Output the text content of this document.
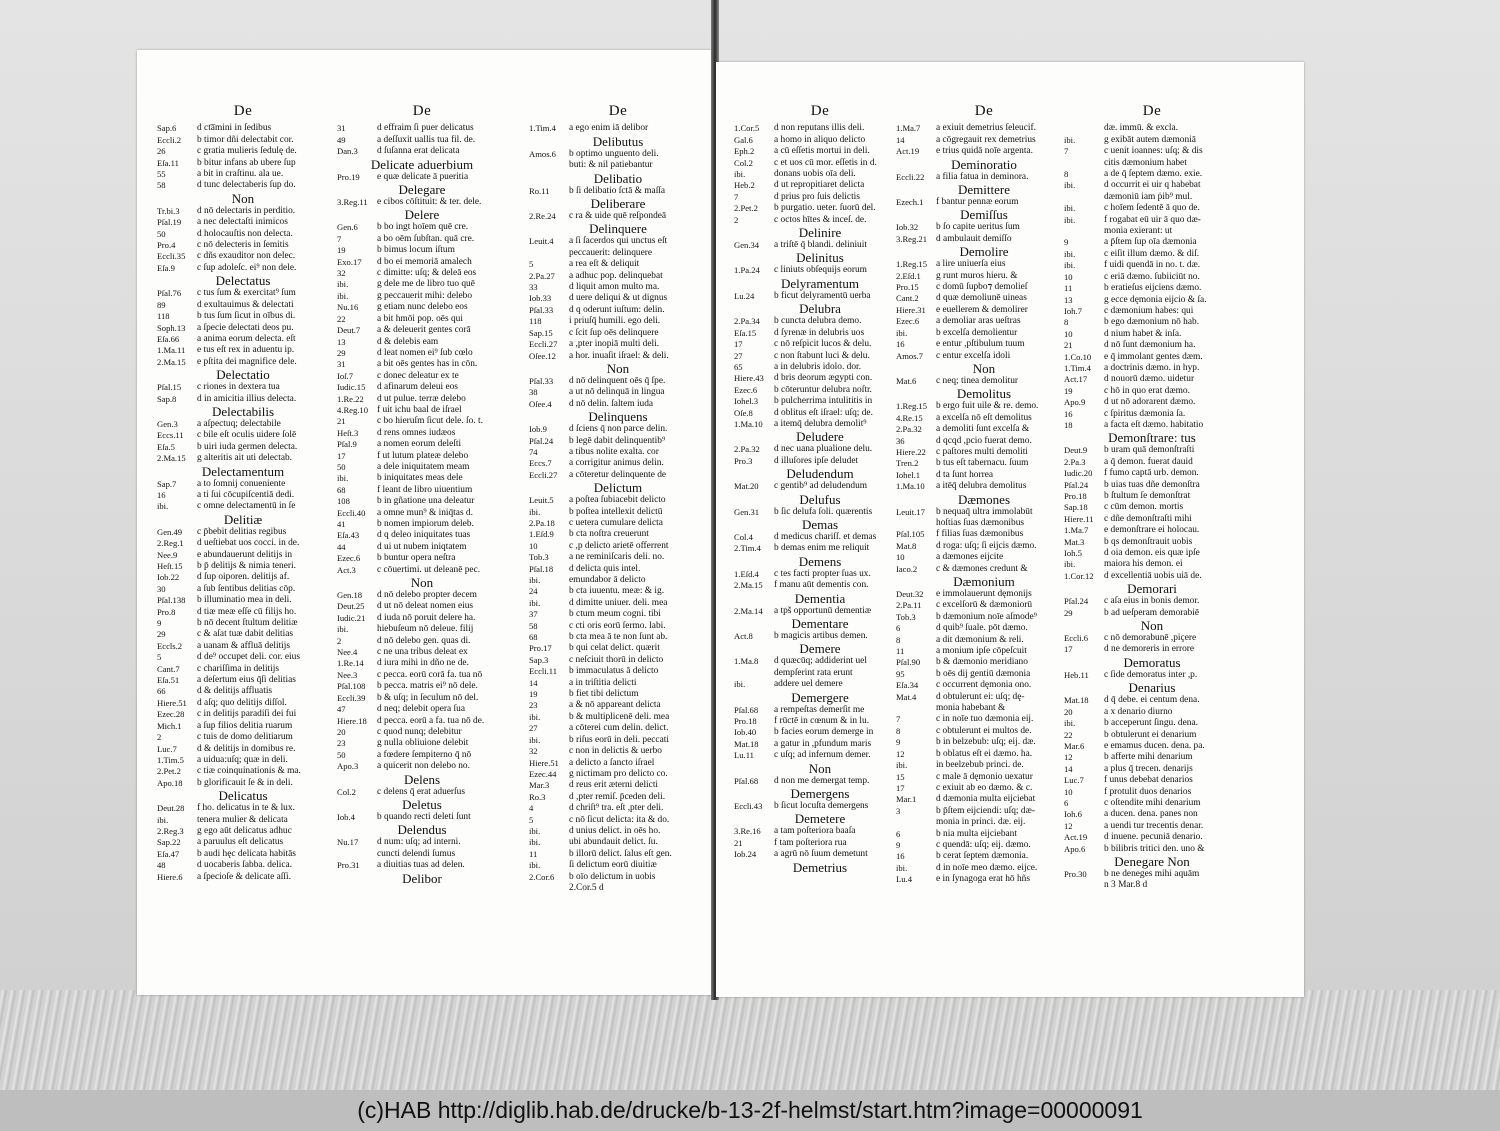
De
Sap.6	d cta̅mini in ſedibus
Eccli.2	b timor dñi delectabit cor.
26	c gratia mulieris ſedulę de.
Eſa.11	b bitur infans ab ubere ſup
55	a bit in craſtinu. ala ue.
58	d tunc delectaberis ſup do.
Non
Tr.bi.3	d nō delectaris in perditio.
Pſal.19	a nec delectaſti inimicos
50	d holocauſtis non delecta.
Pro.4	c nō delecteris in ſemitis
Eccli.35	c dñs exauditor non delec.
Eſa.9	c ſup adoleſc. ei⁹ non dele.
Delectatus
Pſal.76	c tus ſum & exercitat⁹ ſum
89	d exultauimus & delectati
118	b tus ſum ſicut in oībus di.
Soph.13	a ſpecie delectati deos pu.
Eſa.66	a anima eorum delecta. eſt
1.Ma.11	e tus eſt rex in aduentu ip.
2.Ma.15	e pſtita dei magnifice dele.
Delectatio
Pſal.15	c riones in dextera tua
Sap.8	d in amicitia illius delecta.
Delectabilis
Gen.3	a aſpectuq; delectabile
Eccs.11	c bile eſt oculis uidere ſolē
Eſa.5	b uiri iuda germen delecta.
2.Ma.15	g alteritis ait uti delectab.
Delectamentum
Sap.7	a to ſomnij conueniente
16	a ti ſui cōcupiſcentiā dedi.
ibi.	c omne delectamentū in ſe
Delitiæ
Gen.49	c p̄bebit delitias regibus
2.Reg.1	d ueſtiebat uos cocci. in de.
Nee.9	e abundauerunt delitijs in
Heſt.15	b p̄ delitijs & nimia teneri.
Iob.22	d ſup oiporen. delitijs af.
30	a ſub ſentibus delitias cōp.
Pſal.138	b illuminatio mea in deli.
Pro.8	d tiæ meæ eſſe cū filijs ho.
9	b nō decent ſtultum delitiæ
29	c & aſat tuæ dabit delitias
Eccls.2	a uanam & affluā delitijs
5	d de⁹ occupet deli. cor. eius
Cant.7	c chariſſima in delitijs
Eſa.51	a deſertum eius q̄ſi delitias
66	d & delitijs affluatis
Hiere.51	d aſq; quo delitijs diſſol.
Ezec.28	c in delitijs paradiſi dei fui
Mich.1	a ſup filios delitia ruarum
2	c tuis de domo delitiarum
Luc.7	d & delitijs in domibus re.
1.Tim.5	a uidua:uſq; quæ in deli.
2.Pet.2	c tiæ coinquinationis & ma.
Apo.18	b glorificauit ſe & in deli.
Delicatus
Deut.28	f ho. delicatus in te & lux.
ibi.	tenera mulier & delicata
2.Reg.3	g ego aūt delicatus adhuc
Sap.22	a paruulus eſt delicatus
Eſa.47	b audi hęc delicata habitās
48	d uocaberis ſabba. delica.
Hiere.6	a ſpecioſe & delicate aſſi.
De
31	d effraim ſi puer delicatus
49	a deſſuxit uallis tua fil. de.
Dan.3	d ſuſanna erat delicata
Delicate aduerbium
Pro.19	e quæ delicate ā pueritia
Delegare
3.Reg.11 e cibos cōſtituit: & ter. dele.
Delere
Gen.6	b bo ingt hoīem quē cre.
7	a bo oēm ſubſtan. quā cre.
19	b bimus locum iſtum
Exo.17	d bo ei memoriā amalech
32	c dimitte: uſq; & deleā eos
ibi.	g dele me de libro tuo quē
ibi.	g peccauerit mihi: delebo
Nu.16	g etiam nunc delebo eos
22	a bit hmōi pop. oēs qui
Deut.7	a & deleuerit gentes corā
13	d & delebis eam
29	d leat nomen ei⁹ ſub cœlo
31	a bit oēs gentes has in cōn.
Ioſ.7	c donec deleatur ex te
Iudic.15	d afinarum deleui eos
1.Re.22	d ut pulue. terræ delebo
4.Reg.10 f uit ichu baal de iſrael
21	c bo hieruſm ſicut dele. ſo. t.
Heſt.3	d rens omnes iudæos
Pſal.9	a nomen eorum deleſti
17	f ut lutum plateæ delebo
50	a dele iniquitatem meam
ibi.	b iniquitates meas dele
68	f leant de libro uiuentium
108	b in gñatione una deleatur
Eccli.40	a omne mun⁹ & iniq̄tas d.
41	b nomen impiorum deleb.
Eſa.43	d q deleo iniquitates tuas
44	d ui ut nubem iniqtatem
Ezec.6	b buntur opera neſtra
Act.3	c cōuertimi. ut deleanē pec.
Non
Gen.18	d nō delebo propter decem
Deut.25	d ut nō deleat nomen eius
Iudic.21	d iuda nō poruit delere ha.
ibi.	hiebuſeum nō deleue. filij
2	d nō delebo gen. quas di.
Nee.4	c ne una tribus deleat ex
1.Re.14	d iura mihi in dño ne de.
Nee.3	c pecca. eorū corā fa. tua nō
Pſal.108	b pecca. matris ei⁹ nō dele.
Eccli.39	b & uſq; in ſeculum nō del.
47	d neq; delebit opera ſua
Hiere.18	d pecca. eorū a fa. tua nō de.
20	c quod nunq; delebitur
23	g nulla obliuione delebit
50	a fœdere ſempiterno q̄ nō
Apo.3	a quicerit non delebo no.
Delens
Col.2	c delens q̄ erat aduerſus
Deletus
Iob.4	b quando recti deleti ſunt
Delendus
Nu.17	d num: uſq; ad interni.
cuncti delendi ſumus
Pro.31	a diuitias tuas ad delen.
Delibor
De
1.Tim.4	a ego enim iā delibor
Delibutus
Amos.6	b optimo unguento deli.
buti: & nil patiebantur
Delibatio
Ro.11	b ſi delibatio ſctā & maſſa
Deliberare
2.Re.24	c ra & uide quē reſpondeā
Delinquere
Leuit.4	a ſi ſacerdos qui unctus eſt
peccauerit: delinquere
5	a rea eſt & deliquit
2.Pa.27	a adhuc pop. delinquebat
33	d liquit amon multo ma.
Iob.33	d uere deliqui & ut dignus
Pſal.33	d q oderunt iuſtum: delin.
118	i priuſq̄ humili. ego deli.
Sap.15	c ſcit ſup oēs delinquere
Eccli.27	a ,pter inopiā multi deli.
Oſee.12	a hor. inuaſit iſrael: & deli.
Non
Pſal.33	d nō delinquent oēs q̄ ſpe.
38	a ut nō delinquā in lingua
Oſee.4	d nō delin. ſaltem iuda
Delinquens
Iob.9	d ſciens q̄ non parce delin.
Pſal.24	b legē dabit delinquentib⁹
74	a tibus nolite exalta. cor
Eccs.7	a corrigitur animus delin.
Eccli.27	a cōteretur delinquente de
Delictum
Leuit.5	a poſtea ſubiacebit delicto
ibi.	b poſtea intellexit delictū
2.Pa.18	c uetera cumulare delicta
1.Eſd.9	b cta noſtra creuerunt
10	c ,p delicto arietē offerrent
Tob.3	a ne reminiſcaris deli. no.
Pſal.18	d delicta quis intel.
ibi.	emundabor ā delicto
24	b cta iuuentu. meæ: & ig.
ibi.	d dimitte uniuer. deli. mea
37	b ctum meum cogni. tibi
58	c cti oris eorū ſermo. labi.
68	b cta mea ā te non ſunt ab.
Pro.17	b qui celat delict. quærit
Sap.3	c neſciuit thorū in delicto
Eccli.11	b immaculatus ā delicto
14	a in triſtitia delicti
19	b fiet tibi delictum
23	a & nō appareant delicta
ibi.	b & multiplicenē deli. mea
27	a cōterei cum delin. delict.
ibi.	b riſus eorū in deli. peccati
32	c non in delictis & uerbo
Hiere.51	a delicto a ſancto iſrael
Ezec.44	g nictimam pro delicto co.
Mar.3	d reus erit æterni delicti
Ro.3	d ,pter remiſ. p̄ceden deli.
4	d chriſt⁹ tra. eſt ,pter deli.
5	c nō ſicut delicta: ita & do.
ibi.	d unius delict. in oēs ho.
ibi.	ubi abundauit delict. ſu.
11	b illorū delict. ſalus eſt gen.
ibi.	ſi delictum eorū diuitiæ
2.Cor.6	b oīo delictum in uobis
2.Cor.5 d
De
1.Cor.5	d non reputans illis deli.
Gal.6	a homo in aliquo delicto
Eph.2	a cū eſſetis mortui in deli.
Col.2	c et uos cū mor. eſſetis in d.
ibi.	donans uobis oīa deli.
Heb.2	d ut repropitiaret delicta
7	d prius pro ſuis delictis
2.Pet.2	b purgatio. ueter. ſuorū del.
2	c octos hītes & inceſ. de.
Delinire
Gen.34	a triſtē q̄ blandi. deliniuit
Delinitus
1.Pa.24	c liniuts obſequijs eorum
Delyramentum
Lu.24	b ficut delyramentū uerba
Delubra
2.Pa.34	b cuncta delubra demo.
Eſa.15	d ſyrenæ in delubris uos
17	c nō reſpicit lucos & delu.
27	c non ſtabunt luci & delu.
65	a in delubris idolo. dor.
Hiere.43	d bris deorum ægypti con.
Ezec.6	b cōteruntur delubra noſtr.
Iohel.3	b pulcherrima intulititis in
Oſe.8	d oblitus eſt iſrael: uſq; de.
1.Ma.10	a itemq̄ delubra demolit⁹
Deludere
2.Pa.32	d nec uana plualione delu.
Pro.3	d illuſores ipſe deludet
Deludendum
Mat.20	c gentib⁹ ad deludendum
Delufus
Gen.31	b ſic delufa ſoli. quærentis
Demas
Col.4	d medicus chariſſ. et demas
2.Tim.4	b demas enim me reliquit
Demens
1.Eſd.4	c tes facti propter ſuas ux.
2.Ma.15	f manu aūt dementis con.
Dementia
2.Ma.14	a tpš opportunū dementiæ
Dementare
Act.8	b magicis artibus demen.
Demere
1.Ma.8	d quæcūq; addiderint uel
dempſerint rata erunt
ibi.	addere uel demere
Demergere
Pſal.68	a rempeſtas demerſit me
Pro.18	f rūctē in cœnum & in lu.
Iob.40	b facies eorum demerge in
Mat.18	a gatur in ,pfundum maris
Lu.11	c uſq; ad infernum demer.
Non
Pſal.68	d non me demergat temp.
Demergens
Eccli.43	b ſicut locuſta demergens
Demetere
3.Re.16	a tam poſteriora baaſa
21	f tam poſteriora rua
Iob.24	a agrū nō ſuum demetunt
Demetrius
De
1.Ma.7	a exiuit demetrius ſeleucif.
14	a cōgregauit rex demetrius
Act.19	e trius quidā noīe argenta.
Deminoratio
Eccli.22	a filia fatua in deminora.
Demittere
Ezech.1	f bantur pennæ eorum
Demiſſus
Iob.32	b ſo capite ueritus ſum
3.Reg.21 d ambulauit demiſſo
Demolire
1.Reg.15 a lire uniuerſa eius
2.Eſd.1	g runt muros hieru. &
Pro.15	c domū ſupbo⁊ demolieſ
Cant.2	d quæ demoliunē uineas
Hiere.31	e euellerem & demolirer
Ezec.6	a demoliar aras ueſtras
ibi.	b excelſa demolientur
16	e entur ,pſtibulum tuum
Amos.7	c entur excelſa idoli
Non
Mat.6	c neq; tinea demolitur
Demolitus
1.Reg.15 b ergo fuit uile & re. demo.
4.Re.15	a excelſa nō eſt demolitus
2.Pa.32	a demoliti ſunt excelſa &
36	d qcqd ,pcio fuerat demo.
Hiere.22	c paſtores multi demoliti
Tren.2	b tus eſt tabernacu. ſuum
Iohel.1	d ta ſunt horrea
1.Ma.10	a itēq̄ delubra demolitus
Dæmones
Leuit.17	b nequaq̄ ultra immolabūt
hoſtias ſuas dæmonibus
Pſal.105	f filias ſuas dæmonibus
Mat.8	d roga: uſq; ſi eijcis dæmo.
10	a dæmones eijcite
Iaco.2	c & dæmones credunt &
Dæmonium
Deut.32	e immolauerunt dęmonijs
2.Pa.11	c excelſorū & dæmoniorū
Tob.3	b dæmonium noīe aſmode⁹
6	d quib⁹ ſuale. pōt dæmo.
8	a dit dæmonium & reli.
11	a monium ipſe cōpeſcuit
Pſal.90	b & dæmonio meridiano
95	b oēs dij gentiū dæmonia
Eſa.34	c occurrent dęmonia ono.
Mat.4	d obtulerunt ei: uſq; dę-
monia habebant &
7	c in noīe tuo dæmonia eij.
8	c obtulerunt ei multos de.
9	b in belzebub: uſq; eij. dæ.
12	b oblatus eſt ei dæmo. ha.
ibi.	in beelzebub princi. de.
15	c male ā dęmonio uexatur
17	c exiuit ab eo dæmo. & c.
Mar.1	d dæmonia multa eijciebat
3	b p̄ſtem eijciendi: uſq; dæ-
monia in princi. dæ. eij.
6	b nia multa eijciebant
9	c quendā: uſq; eij. dæmo.
16	b cerat ſeptem dæmonia.
ibi.	d in noīe meo dæmo. eijce.
Lu.4	e in ſynagoga erat hō hñs
De
dæ. immū. & excla.
ibi.	g exibāt autem dæmoniā
7	c uenit ioannes: uſq; & dis
citis dæmonium habet
8	a de q̄ ſeptem dæmo. exie.
ibi.	d occurrit ei uir q habebat
dæmoniū iam ṗib⁹ mul.
ibi.	c hoīem ſedentē ā quo de.
ibi.	f rogabat eū uir ā quo dæ-
monia exierant: ut
9	a p̄ſtem ſup oīa dæmonia
ibi.	c eiſit illum dæmo. & diſ.
ibi.	f uidi quendā in no. t. dæ.
10	c eriā dæmo. ſubiiciūt no.
11	b eratieſus eijciens dæmo.
13	g ecce dęmonia eijcio & ſa.
Ioh.7	c dæmonium habes: qui
8	b ego dæmonium nō hab.
10	d nium habet & inſa.
21	d nō ſunt dæmonium ha.
1.Co.10	e q̄ immolant gentes dæm.
1.Tim.4	a doctrinis dæmo. in hyp.
Act.17	d nouorū dæmo. uidetur
19	c hō in quo erat dæmo.
Apo.9	d ut nō adorarent dæmo.
16	c ſpiritus dæmonia ſa.
18	a facta eſt dæmo. habitatio
Demonſtrare: tus
Deut.9	b uram quā demonſtraſti
2.Pa.3	a q̄ demon. fuerat dauid
Iudic.20	f fumo captā urb. demon.
Pſal.24	b uias tuas dñe demonſtra
Pro.18	b ſtultum ſe demonſtrat
Sap.18	c cūm demon. mortis
Hiere.11	c dñe demonſtraſti mihi
1.Ma.7	e demonſtrare ei holocau.
Mat.3	b qs demonſtrauit uobis
Ioh.5	d oia demon. eis quæ ipſe
ibi.	maiora his demon. ei
1.Cor.12	d excellentiā uobis uiā de.
Demorari
Pſal.24	c aſa eius in bonis demor.
29	b ad ueſperam demorabiē
Non
Eccli.6	c nō demorabunē ,piçere
17	d ne demoreris in errore
Demoratus
Heb.11	c ſide demoratus inter ,p.
Denarius
Mat.18	d q̄ debe. ei centum dena.
20	a x denario diurno
ibi.	b acceperunt ſingu. dena.
22	b obtulerunt ei denarium
Mar.6	e emamus ducen. dena. pa.
12	b afferte mihi denarium
14	a plus q̄ trecen. denarijs
Luc.7	f unus debebat denarios
10	f protulit duos denarios
6	c oſtendite mihi denarium
Ioh.6	a ducen. dena. panes non
12	a uendi tur trecentis denar.
Act.19	d inuene. pecuniā denario.
Apo.6	b bilibris tritici den. uno &
Denegare Non
Pro.30	b ne deneges mihi aquām
n 3 Mar.8 d
(c)HAB http://diglib.hab.de/drucke/b-13-2f-helmst/start.htm?image=00000091
